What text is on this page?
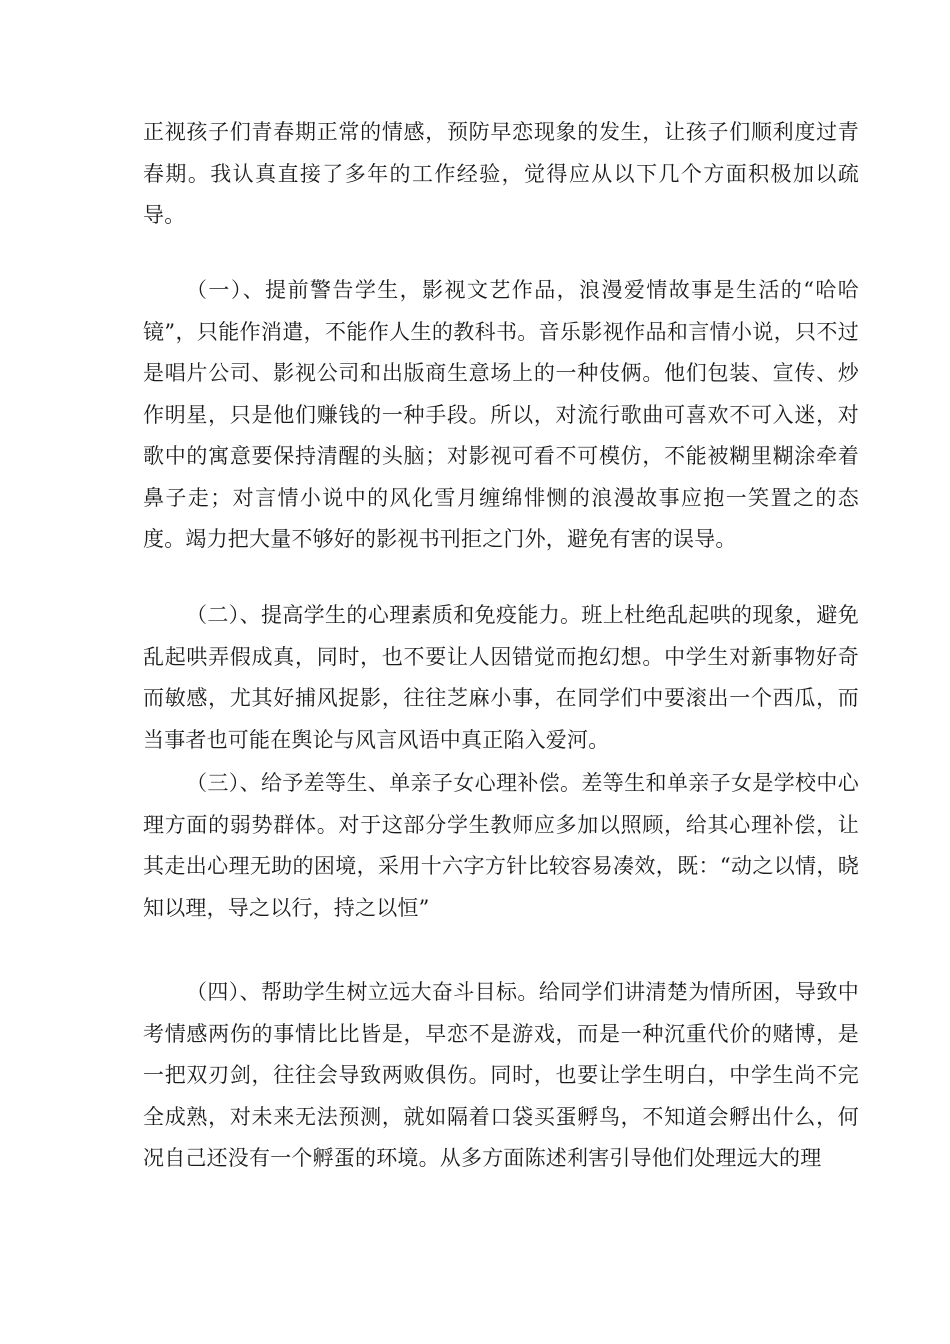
正视孩子们青春期正常的情感，预防早恋现象的发生，让孩子们顺利度过青春期。我认真直接了多年的工作经验，觉得应从以下几个方面积极加以疏导。

（一）、提前警告学生，影视文艺作品，浪漫爱情故事是生活的“哈哈镜”，只能作消遣，不能作人生的教科书。音乐影视作品和言情小说，只不过是唱片公司、影视公司和出版商生意场上的一种伎俩。他们包装、宣传、炒作明星，只是他们赚钱的一种手段。所以，对流行歌曲可喜欢不可入迷，对歌中的寓意要保持清醒的头脑；对影视可看不可模仿，不能被糊里糊涂牵着鼻子走；对言情小说中的风化雪月缠绵悱恻的浪漫故事应抱一笑置之的态度。竭力把大量不够好的影视书刊拒之门外，避免有害的误导。

（二）、提高学生的心理素质和免疫能力。班上杜绝乱起哄的现象，避免乱起哄弄假成真，同时，也不要让人因错觉而抱幻想。中学生对新事物好奇而敏感，尤其好捕风捉影，往往芝麻小事，在同学们中要滚出一个西瓜，而当事者也可能在舆论与风言风语中真正陷入爱河。

（三）、给予差等生、单亲子女心理补偿。差等生和单亲子女是学校中心理方面的弱势群体。对于这部分学生教师应多加以照顾，给其心理补偿，让其走出心理无助的困境，采用十六字方针比较容易凑效，既：“动之以情，晓知以理，导之以行，持之以恒”

（四）、帮助学生树立远大奋斗目标。给同学们讲清楚为情所困，导致中考情感两伤的事情比比皆是，早恋不是游戏，而是一种沉重代价的赌博，是一把双刃剑，往往会导致两败俱伤。同时，也要让学生明白，中学生尚不完全成熟，对未来无法预测，就如隔着口袋买蛋孵鸟，不知道会孵出什么，何况自己还没有一个孵蛋的环境。从多方面陈述利害引导他们处理远大的理
